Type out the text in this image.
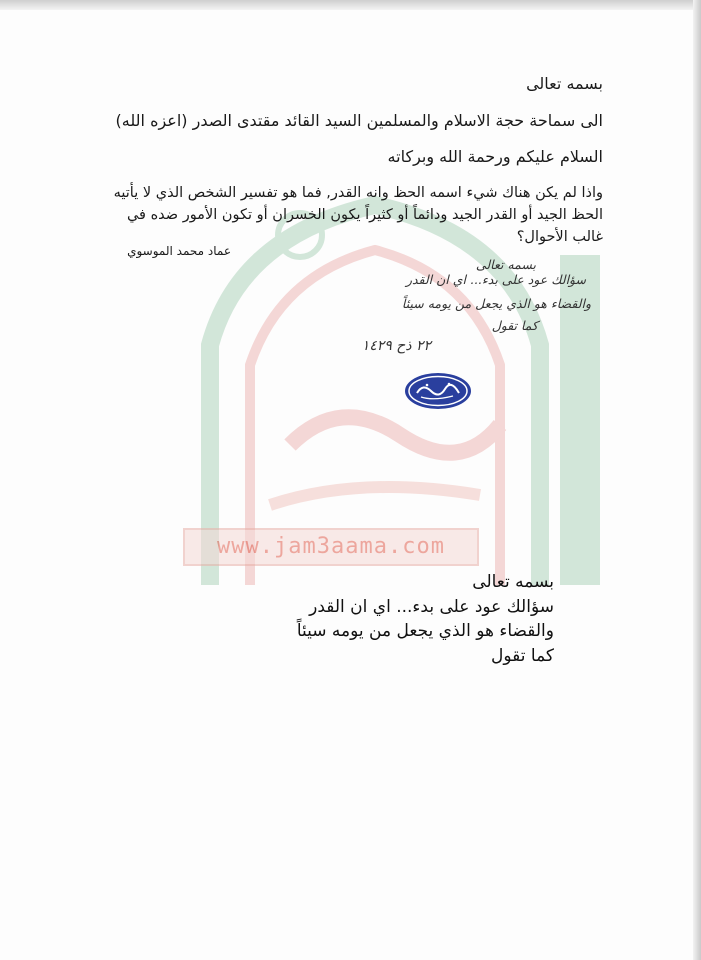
www.jam3aama.com
بسمه تعالى
الى سماحة حجة الاسلام والمسلمين السيد القائد مقتدى الصدر (اعزه الله)
السلام عليكم ورحمة الله وبركاته
واذا لم يكن هناك شيء اسمه الحظ وانه القدر, فما هو تفسير الشخص الذي لا يأتيه الحظ الجيد أو القدر الجيد ودائماً أو كثيراً يكون الخسران أو تكون الأمور ضده في غالب الأحوال؟
عماد محمد الموسوي
بسمه تعالى
سؤالك عود على بدء... اي ان القدر
والقضاء هو الذي يجعل من يومه سيئاً
كما تقول
٢٢ ذح ١٤٢٩
بسمه تعالى
سؤالك عود على بدء... اي ان القدر
والقضاء هو الذي يجعل من يومه سيئاً
كما تقول
